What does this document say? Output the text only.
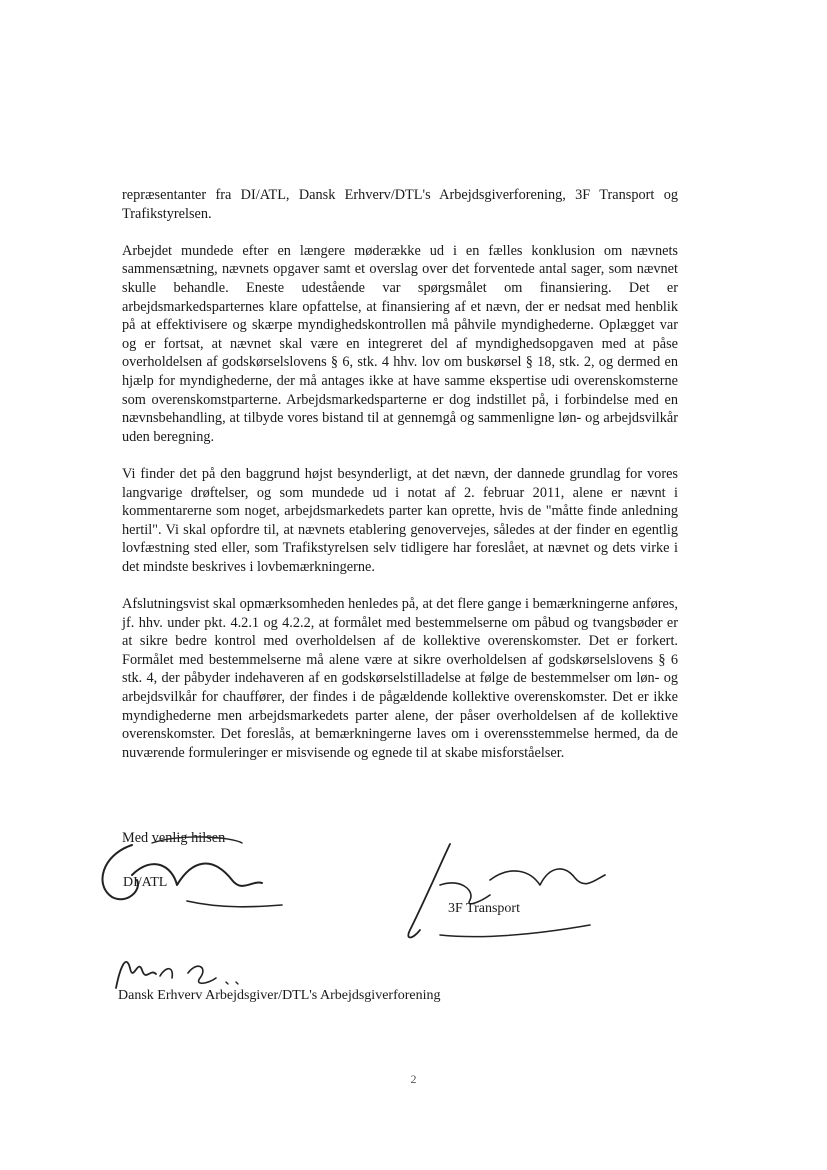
repræsentanter fra DI/ATL, Dansk Erhverv/DTL's Arbejdsgiverforening, 3F Transport og Trafikstyrelsen.

Arbejdet mundede efter en længere møderække ud i en fælles konklusion om nævnets sammensætning, nævnets opgaver samt et overslag over det forventede antal sager, som nævnet skulle behandle. Eneste udestående var spørgsmålet om finansiering. Det er arbejdsmarkedsparternes klare opfattelse, at finansiering af et nævn, der er nedsat med henblik på at effektivisere og skærpe myndighedskontrollen må påhvile myndighederne. Oplægget var og er fortsat, at nævnet skal være en integreret del af myndighedsopgaven med at påse overholdelsen af godskørselslovens § 6, stk. 4 hhv. lov om buskørsel § 18, stk. 2, og dermed en hjælp for myndighederne, der må antages ikke at have samme ekspertise udi overenskomsterne som overenskomstparterne. Arbejdsmarkedsparterne er dog indstillet på, i forbindelse med en nævnsbehandling, at tilbyde vores bistand til at gennemgå og sammenligne løn- og arbejdsvilkår uden beregning.

Vi finder det på den baggrund højst besynderligt, at det nævn, der dannede grundlag for vores langvarige drøftelser, og som mundede ud i notat af 2. februar 2011, alene er nævnt i kommentarerne som noget, arbejdsmarkedets parter kan oprette, hvis de "måtte finde anledning hertil". Vi skal opfordre til, at nævnets etablering genovervejes, således at der finder en egentlig lovfæstning sted eller, som Trafikstyrelsen selv tidligere har foreslået, at nævnet og dets virke i det mindste beskrives i lovbemærkningerne.

Afslutningsvist skal opmærksomheden henledes på, at det flere gange i bemærkningerne anføres, jf. hhv. under pkt. 4.2.1 og 4.2.2, at formålet med bestemmelserne om påbud og tvangsbøder er at sikre bedre kontrol med overholdelsen af de kollektive overenskomster. Det er forkert. Formålet med bestemmelserne må alene være at sikre overholdelsen af godskørselslovens § 6 stk. 4, der påbyder indehaveren af en godskørselstilladelse at følge de bestemmelser om løn- og arbejdsvilkår for chauffører, der findes i de pågældende kollektive overenskomster. Det er ikke myndighederne men arbejdsmarkedets parter alene, der påser overholdelsen af de kollektive overenskomster. Det foreslås, at bemærkningerne laves om i overensstemmelse hermed, da de nuværende formuleringer er misvisende og egnede til at skabe misforståelser.

Med venlig hilsen
DI/ATL
3F Transport
Dansk Erhverv Arbejdsgiver/DTL's Arbejdsgiverforening
2
